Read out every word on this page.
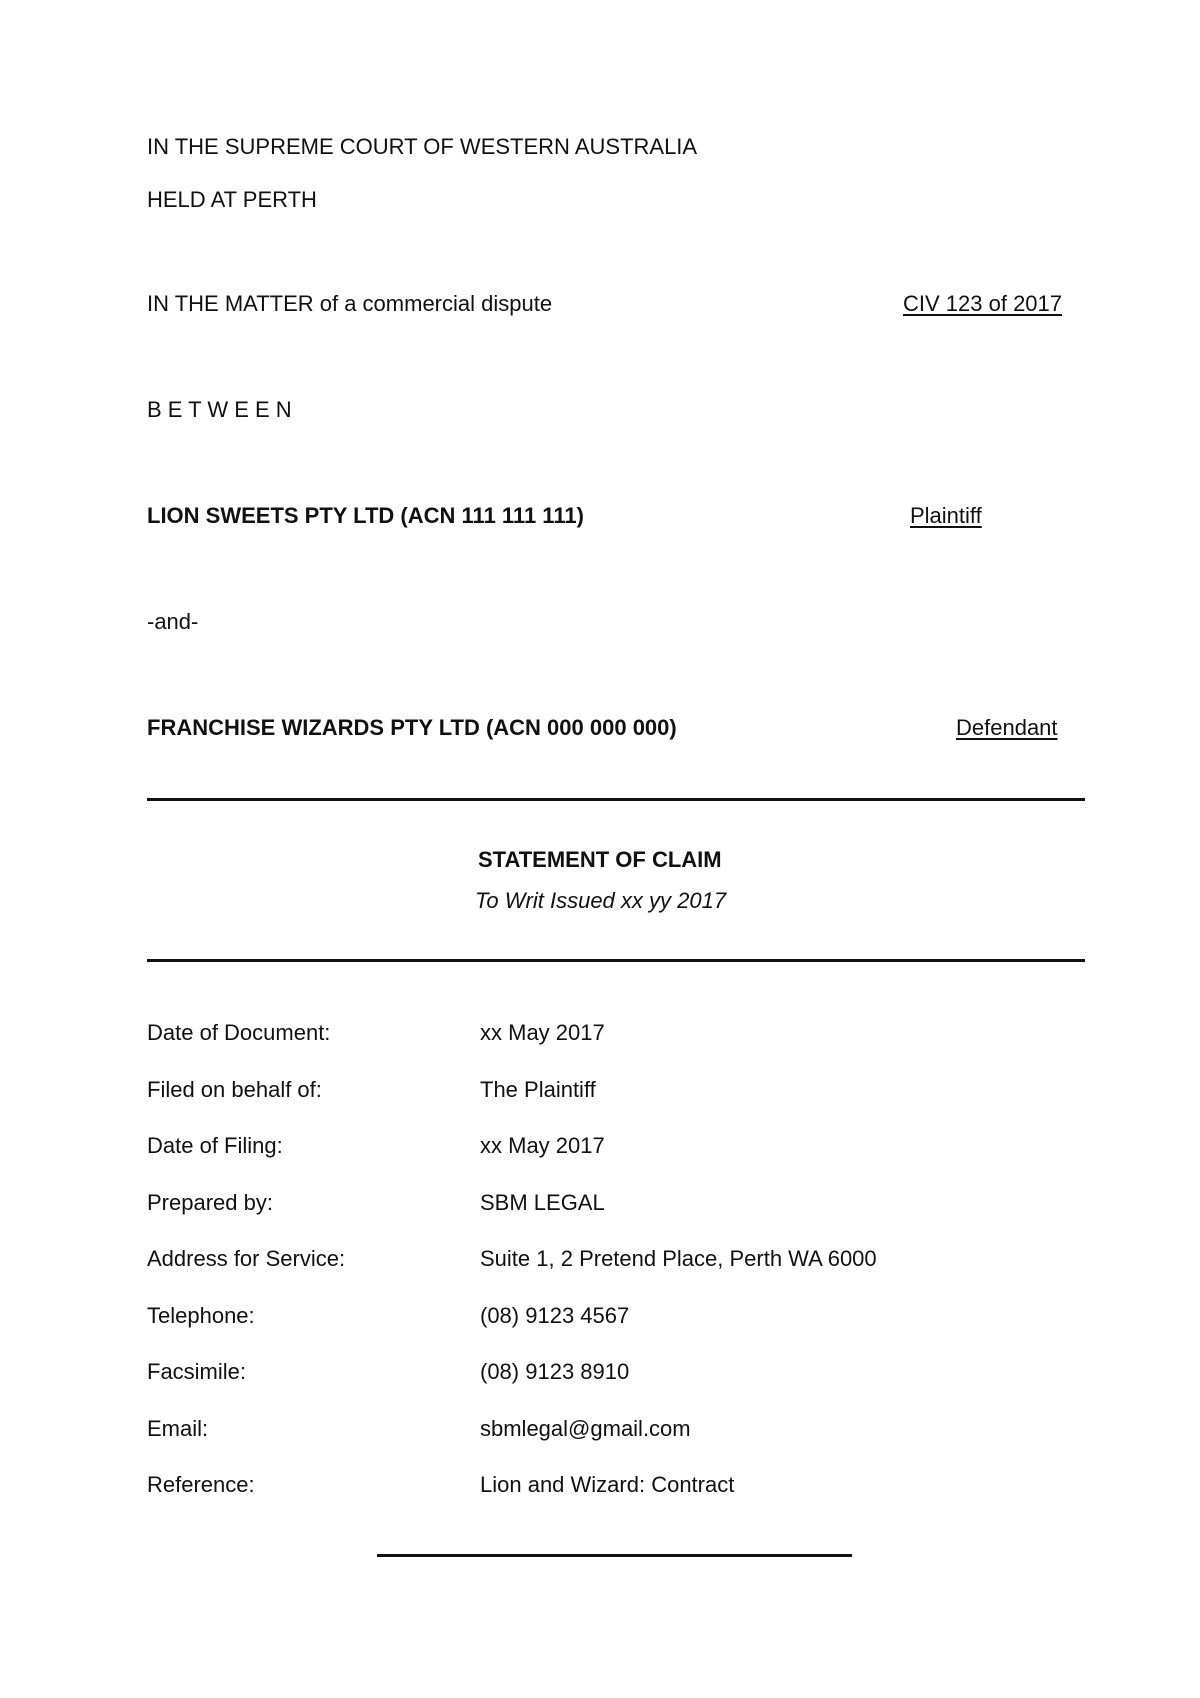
IN THE SUPREME COURT OF WESTERN AUSTRALIA
HELD AT PERTH
IN THE MATTER of a commercial dispute	CIV 123 of 2017
B E T W E E N
LION SWEETS PTY LTD (ACN 111 111 111)	Plaintiff
-and-
FRANCHISE WIZARDS PTY LTD (ACN 000 000 000)	Defendant
STATEMENT OF CLAIM
To Writ Issued xx yy 2017
Date of Document:	xx May 2017
Filed on behalf of:	The Plaintiff
Date of Filing:	xx May 2017
Prepared by:	SBM LEGAL
Address for Service:	Suite 1, 2 Pretend Place, Perth WA 6000
Telephone:	(08) 9123 4567
Facsimile:	(08) 9123 8910
Email:	sbmlegal@gmail.com
Reference:	Lion and Wizard: Contract
